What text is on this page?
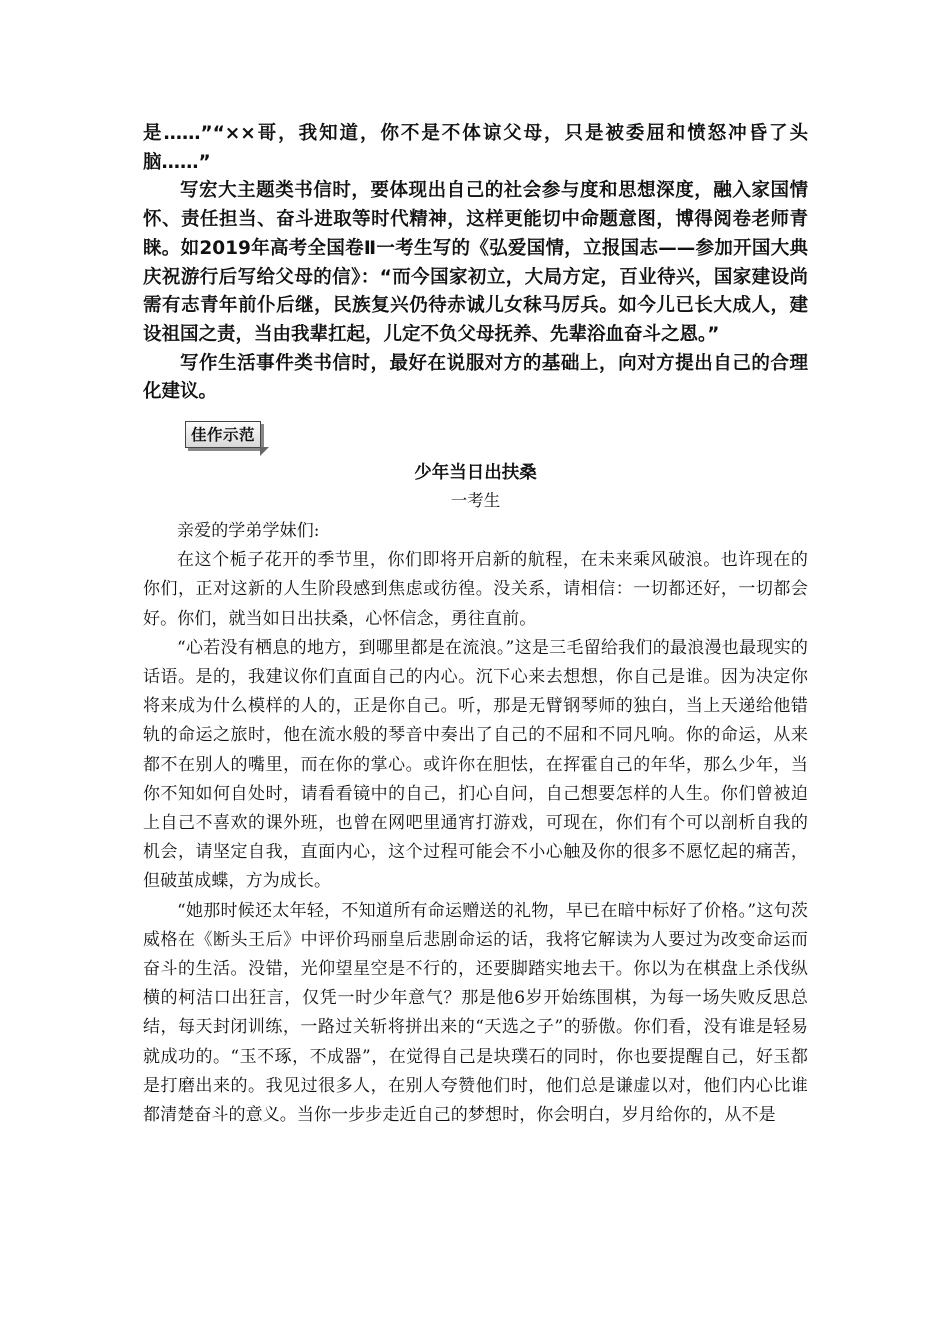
是……”“××哥，我知道，你不是不体谅父母，只是被委屈和愤怒冲昏了头脑……”

写宏大主题类书信时，要体现出自己的社会参与度和思想深度，融入家国情怀、责任担当、奋斗进取等时代精神，这样更能切中命题意图，博得阅卷老师青睐。如2019年高考全国卷Ⅱ一考生写的《弘爱国情，立报国志——参加开国大典庆祝游行后写给父母的信》：“而今国家初立，大局方定，百业待兴，国家建设尚需有志青年前仆后继，民族复兴仍待赤诚儿女秣马厉兵。如今儿已长大成人，建设祖国之责，当由我辈扛起，儿定不负父母抚养、先辈浴血奋斗之恩。”

写作生活事件类书信时，最好在说服对方的基础上，向对方提出自己的合理化建议。

佳作示范
少年当日出扶桑
一考生

亲爱的学弟学妹们:

在这个栀子花开的季节里，你们即将开启新的航程，在未来乘风破浪。也许现在的你们，正对这新的人生阶段感到焦虑或彷徨。没关系，请相信：一切都还好，一切都会好。你们，就当如日出扶桑，心怀信念，勇往直前。

“心若没有栖息的地方，到哪里都是在流浪。”这是三毛留给我们的最浪漫也最现实的话语。是的，我建议你们直面自己的内心。沉下心来去想想，你自己是谁。因为决定你将来成为什么模样的人的，正是你自己。听，那是无臂钢琴师的独白，当上天递给他错轨的命运之旅时，他在流水般的琴音中奏出了自己的不屈和不同凡响。你的命运，从来都不在别人的嘴里，而在你的掌心。或许你在胆怯，在挥霍自己的年华，那么少年，当你不知如何自处时，请看看镜中的自己，扪心自问，自己想要怎样的人生。你们曾被迫上自己不喜欢的课外班，也曾在网吧里通宵打游戏，可现在，你们有个可以剖析自我的机会，请坚定自我，直面内心，这个过程可能会不小心触及你的很多不愿忆起的痛苦，但破茧成蝶，方为成长。

“她那时候还太年轻，不知道所有命运赠送的礼物，早已在暗中标好了价格。”这句茨威格在《断头王后》中评价玛丽皇后悲剧命运的话，我将它解读为人要过为改变命运而奋斗的生活。没错，光仰望星空是不行的，还要脚踏实地去干。你以为在棋盘上杀伐纵横的柯洁口出狂言，仅凭一时少年意气？那是他6岁开始练围棋，为每一场失败反思总结，每天封闭训练，一路过关斩将拼出来的“天选之子”的骄傲。你们看，没有谁是轻易就成功的。“玉不琢，不成器”，在觉得自己是块璞石的同时，你也要提醒自己，好玉都是打磨出来的。我见过很多人，在别人夸赞他们时，他们总是谦虚以对，他们内心比谁都清楚奋斗的意义。当你一步步走近自己的梦想时，你会明白，岁月给你的，从不是
